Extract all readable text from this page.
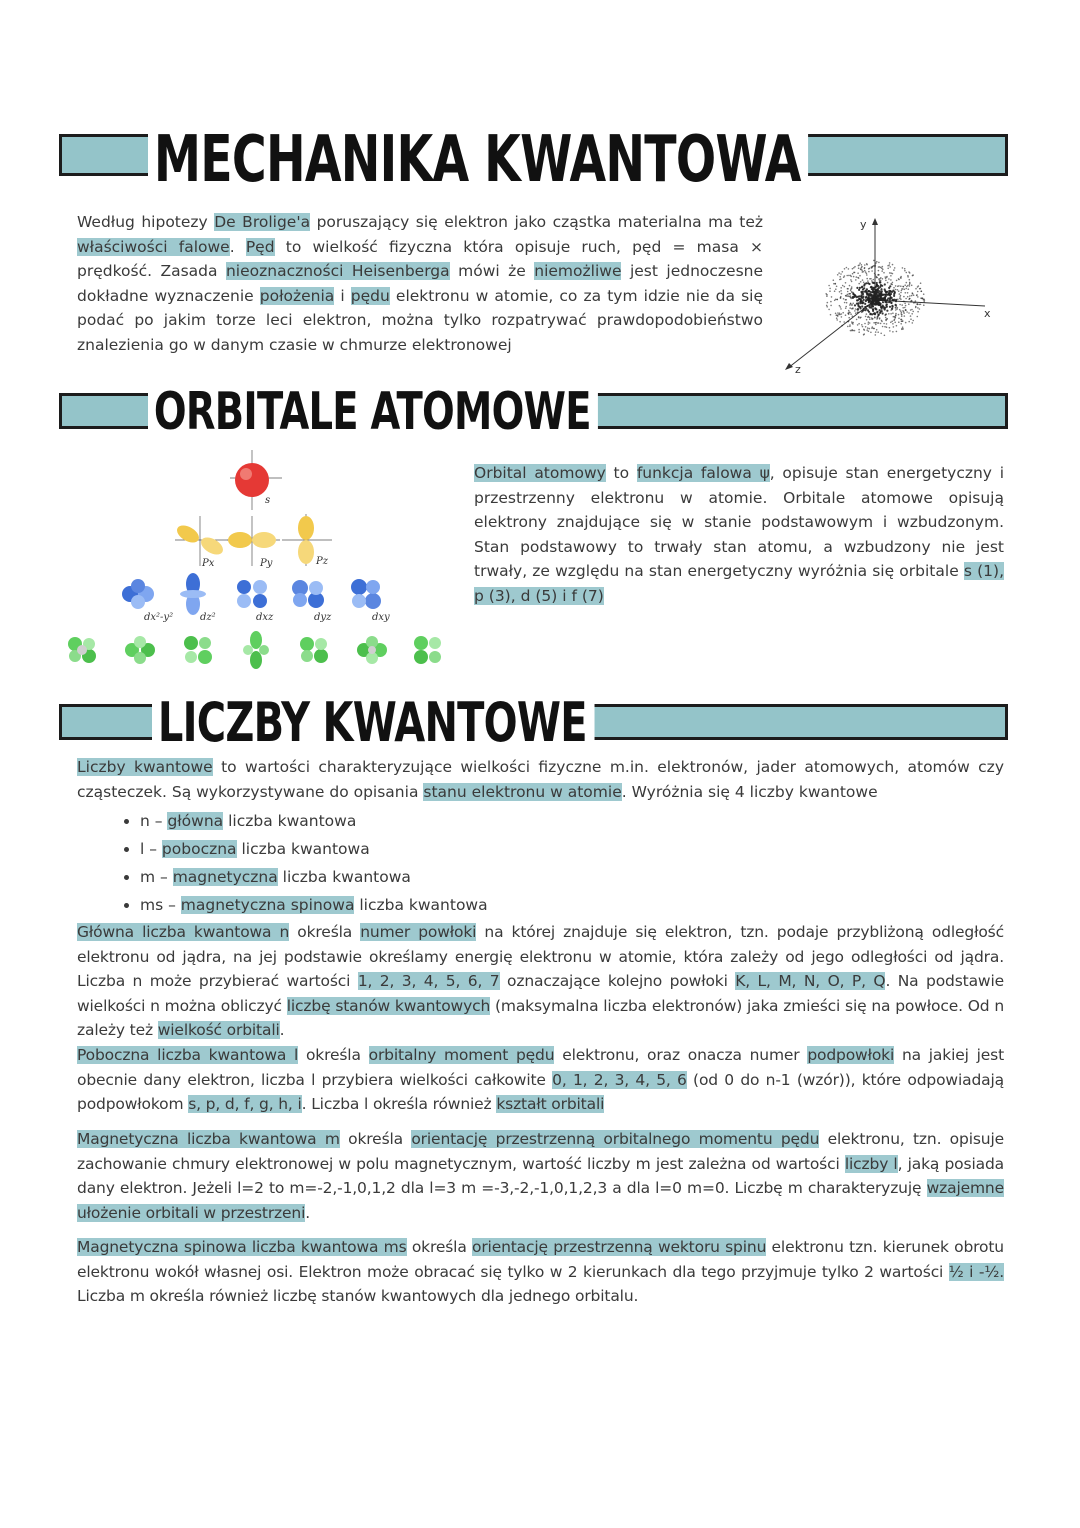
MECHANIKA KWANTOWA

Według hipotezy De Brolige'a poruszający się elektron jako cząstka materialna ma też właściwości falowe. Pęd to wielkość fizyczna która opisuje ruch, pęd = masa × prędkość. Zasada nieoznaczności Heisenberga mówi że niemożliwe jest jednoczesne dokładne wyznaczenie położenia i pędu elektronu w atomie, co za tym idzie nie da się podać po jakim torze leci elektron, można tylko rozpatrywać prawdopodobieństwo znalezienia go w danym czasie w chmurze elektronowej

y
x
z
ORBITALE ATOMOWE
s
Px	Py	Pz
dx²-y²	dz²	dxz	dyz	dxy

Orbital atomowy to funkcja falowa ψ, opisuje stan energetyczny i przestrzenny elektronu w atomie. Orbitale atomowe opisują elektrony znajdujące się w stanie podstawowym i wzbudzonym. Stan podstawowy to trwały stan atomu, a wzbudzony nie jest trwały, ze względu na stan energetyczny wyróżnia się orbitale s (1), p (3), d (5) i f (7)

LICZBY KWANTOWE

Liczby kwantowe to wartości charakteryzujące wielkości fizyczne m.in. elektronów, jader atomowych, atomów czy cząsteczek. Są wykorzystywane do opisania stanu elektronu w atomie. Wyróżnia się 4 liczby kwantowe

• n – główna liczba kwantowa
• l – poboczna liczba kwantowa
• m – magnetyczna liczba kwantowa
• ms – magnetyczna spinowa liczba kwantowa

Główna liczba kwantowa n określa numer powłoki na której znajduje się elektron, tzn. podaje przybliżoną odległość elektronu od jądra, na jej podstawie określamy energię elektronu w atomie, która zależy od jego odległości od jądra. Liczba n może przybierać wartości 1, 2, 3, 4, 5, 6, 7 oznaczające kolejno powłoki K, L, M, N, O, P, Q. Na podstawie wielkości n można obliczyć liczbę stanów kwantowych (maksymalna liczba elektronów) jaka zmieści się na powłoce. Od n zależy też wielkość orbitali.

Poboczna liczba kwantowa l określa orbitalny moment pędu elektronu, oraz onacza numer podpowłoki na jakiej jest obecnie dany elektron, liczba l przybiera wielkości całkowite 0, 1, 2, 3, 4, 5, 6 (od 0 do n-1 (wzór)), które odpowiadają podpowłokom s, p, d, f, g, h, i. Liczba l określa również kształt orbitali

Magnetyczna liczba kwantowa m określa orientację przestrzenną orbitalnego momentu pędu elektronu, tzn. opisuje zachowanie chmury elektronowej w polu magnetycznym, wartość liczby m jest zależna od wartości liczby l, jaką posiada dany elektron. Jeżeli l=2 to m=-2,-1,0,1,2 dla l=3 m =-3,-2,-1,0,1,2,3 a dla l=0 m=0. Liczbę m charakteryzuję wzajemne ułożenie orbitali w przestrzeni.

Magnetyczna spinowa liczba kwantowa ms określa orientację przestrzenną wektoru spinu elektronu tzn. kierunek obrotu elektronu wokół własnej osi. Elektron może obracać się tylko w 2 kierunkach dla tego przyjmuje tylko 2 wartości ½ i -½. Liczba m określa również liczbę stanów kwantowych dla jednego orbitalu.
